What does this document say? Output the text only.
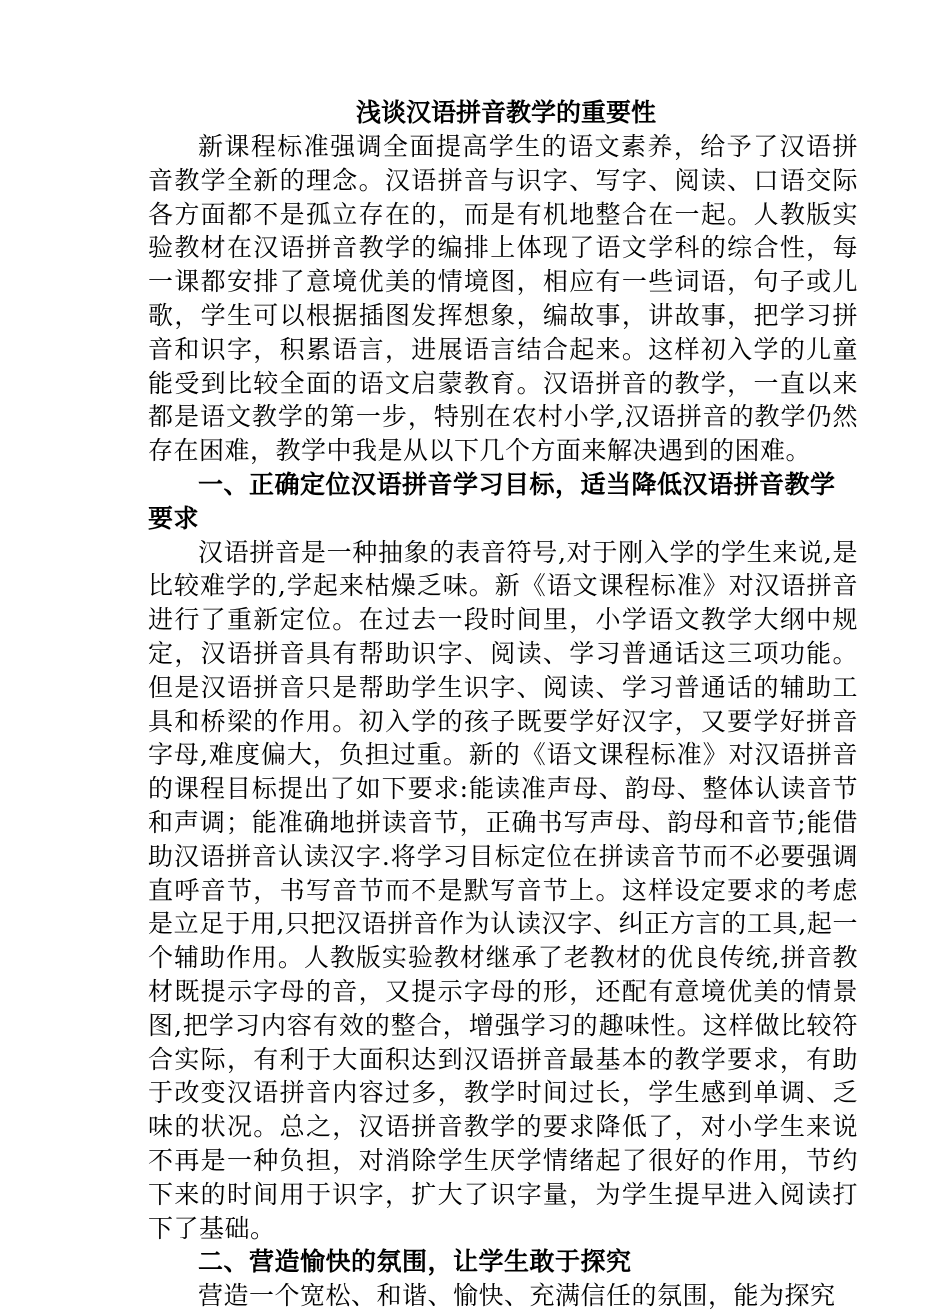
浅谈汉语拼音教学的重要性

新课程标准强调全面提高学生的语文素养，给予了汉语拼音教学全新的理念。汉语拼音与识字、写字、阅读、口语交际各方面都不是孤立存在的，而是有机地整合在一起。人教版实验教材在汉语拼音教学的编排上体现了语文学科的综合性，每一课都安排了意境优美的情境图，相应有一些词语，句子或儿歌，学生可以根据插图发挥想象，编故事，讲故事，把学习拼音和识字，积累语言，进展语言结合起来。这样初入学的儿童能受到比较全面的语文启蒙教育。汉语拼音的教学，一直以来都是语文教学的第一步，特别在农村小学,汉语拼音的教学仍然存在困难，教学中我是从以下几个方面来解决遇到的困难。

一、正确定位汉语拼音学习目标，适当降低汉语拼音教学要求

汉语拼音是一种抽象的表音符号,对于刚入学的学生来说,是比较难学的,学起来枯燥乏味。新《语文课程标准》对汉语拼音进行了重新定位。在过去一段时间里，小学语文教学大纲中规定，汉语拼音具有帮助识字、阅读、学习普通话这三项功能。但是汉语拼音只是帮助学生识字、阅读、学习普通话的辅助工具和桥梁的作用。初入学的孩子既要学好汉字，又要学好拼音字母,难度偏大，负担过重。新的《语文课程标准》对汉语拼音的课程目标提出了如下要求:能读准声母、韵母、整体认读音节和声调；能准确地拼读音节，正确书写声母、韵母和音节;能借助汉语拼音认读汉字.将学习目标定位在拼读音节而不必要强调直呼音节，书写音节而不是默写音节上。这样设定要求的考虑是立足于用,只把汉语拼音作为认读汉字、纠正方言的工具,起一个辅助作用。人教版实验教材继承了老教材的优良传统,拼音教材既提示字母的音，又提示字母的形，还配有意境优美的情景图,把学习内容有效的整合，增强学习的趣味性。这样做比较符合实际，有利于大面积达到汉语拼音最基本的教学要求，有助于改变汉语拼音内容过多，教学时间过长，学生感到单调、乏味的状况。总之，汉语拼音教学的要求降低了，对小学生来说不再是一种负担，对消除学生厌学情绪起了很好的作用，节约下来的时间用于识字，扩大了识字量，为学生提早进入阅读打下了基础。

二、营造愉快的氛围，让学生敢于探究

营造一个宽松、和谐、愉快、充满信任的氛围，能为探究
